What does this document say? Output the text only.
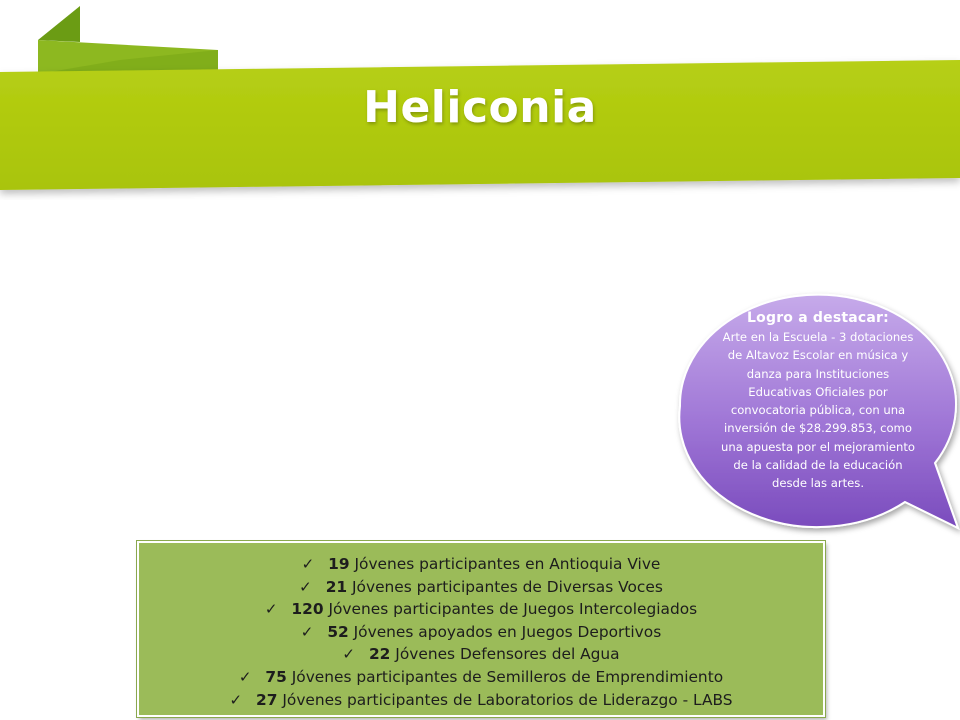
Heliconia
Logro a destacar:
Arte en la Escuela - 3 dotaciones
de Altavoz Escolar en música y
danza para Instituciones
Educativas Oficiales por
convocatoria pública, con una
inversión de $28.299.853, como
una apuesta por el mejoramiento
de la calidad de la educación
desde las artes.
✓ 19 Jóvenes participantes en Antioquia Vive
✓ 21 Jóvenes participantes de Diversas Voces
✓ 120 Jóvenes participantes de Juegos Intercolegiados
✓ 52 Jóvenes apoyados en Juegos Deportivos
✓ 22 Jóvenes Defensores del Agua
✓ 75 Jóvenes participantes de Semilleros de Emprendimiento
✓ 27 Jóvenes participantes de Laboratorios de Liderazgo - LABS
